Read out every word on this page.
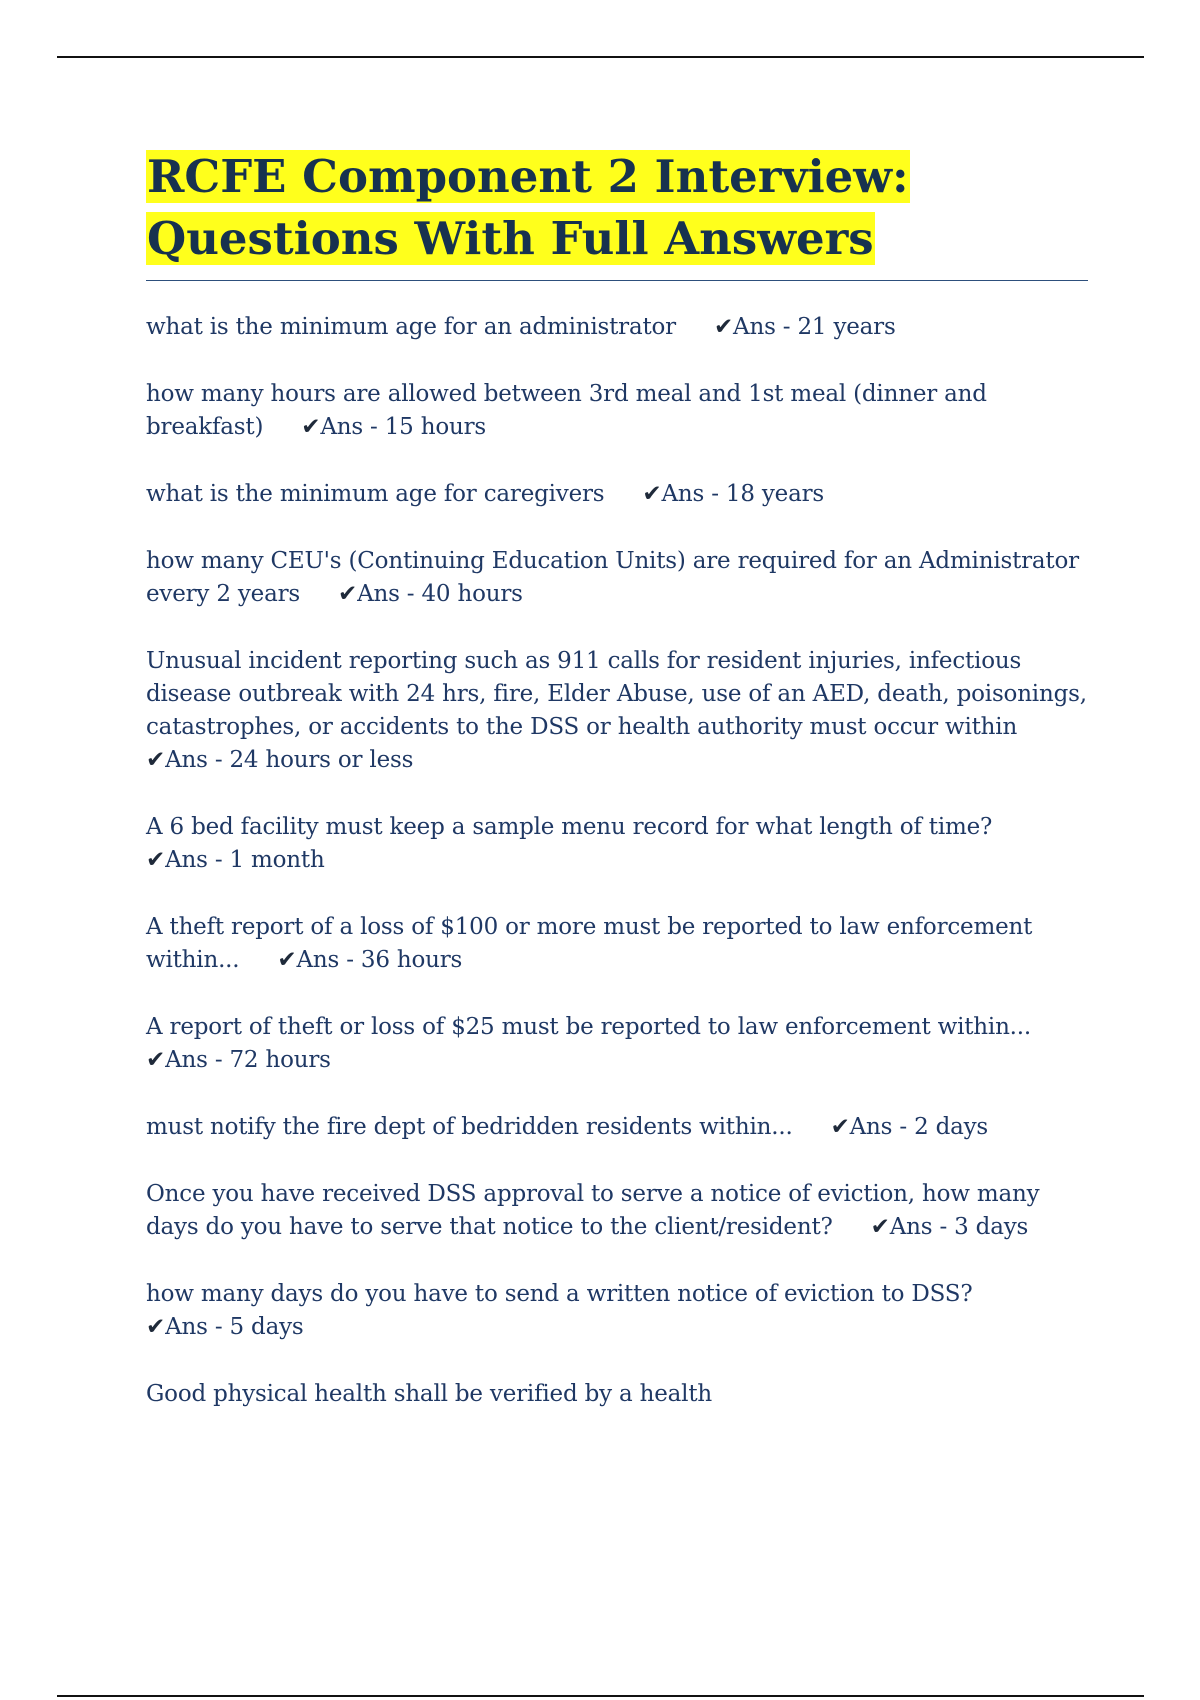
RCFE Component 2 Interview:
Questions With Full Answers

what is the minimum age for an administrator ✔Ans - 21 years

how many hours are allowed between 3rd meal and 1st meal (dinner and breakfast) ✔Ans - 15 hours

what is the minimum age for caregivers ✔Ans - 18 years

how many CEU's (Continuing Education Units) are required for an Administrator every 2 years ✔Ans - 40 hours

Unusual incident reporting such as 911 calls for resident injuries, infectious disease outbreak with 24 hrs, fire, Elder Abuse, use of an AED, death, poisonings, catastrophes, or accidents to the DSS or health authority must occur within✔Ans - 24 hours or less

A 6 bed facility must keep a sample menu record for what length of time?
✔Ans - 1 month

A theft report of a loss of $100 or more must be reported to law enforcement within... ✔Ans - 36 hours

A report of theft or loss of $25 must be reported to law enforcement within...
✔Ans - 72 hours

must notify the fire dept of bedridden residents within... ✔Ans - 2 days

Once you have received DSS approval to serve a notice of eviction, how many days do you have to serve that notice to the client/resident? ✔Ans - 3 days

how many days do you have to send a written notice of eviction to DSS?
✔Ans - 5 days

Good physical health shall be verified by a health
